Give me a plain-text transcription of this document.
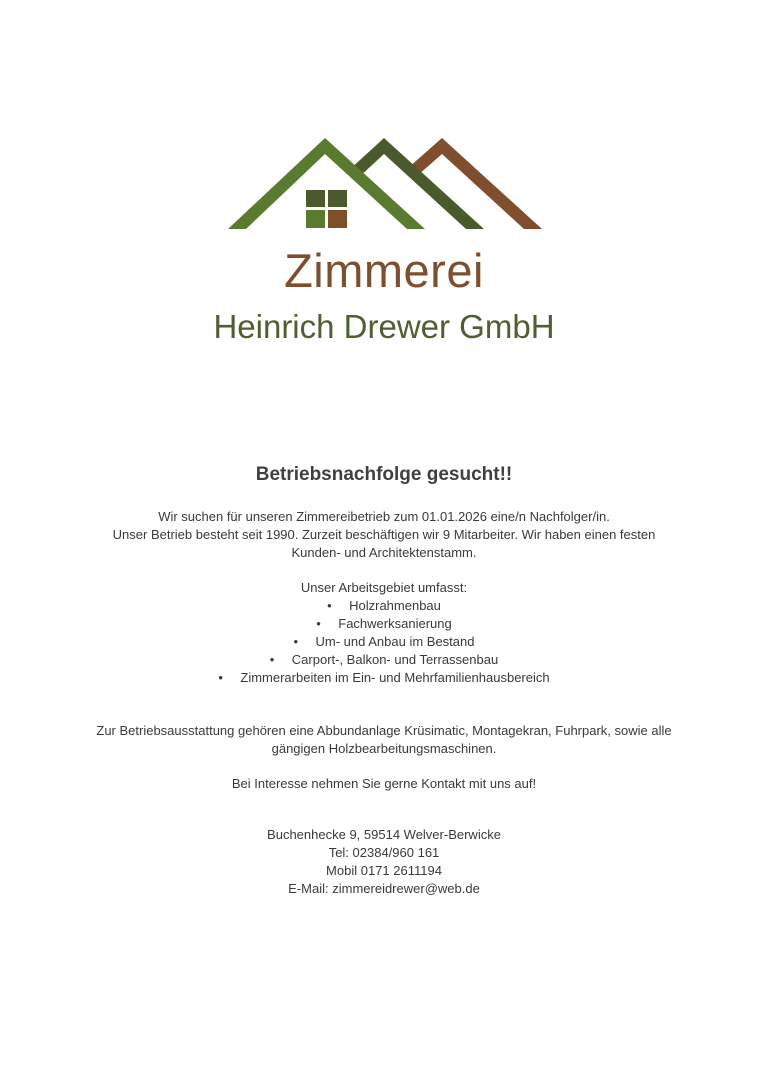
Zimmerei
Heinrich Drewer GmbH
Betriebsnachfolge gesucht!!

Wir suchen für unseren Zimmereibetrieb zum 01.01.2026 eine/n Nachfolger/in.

Unser Betrieb besteht seit 1990. Zurzeit beschäftigen wir 9 Mitarbeiter. Wir haben einen festen

Kunden- und Architektenstamm.

Unser Arbeitsgebiet umfasst:

• Holzrahmenbau
• Fachwerksanierung
• Um- und Anbau im Bestand
• Carport-, Balkon- und Terrassenbau
• Zimmerarbeiten im Ein- und Mehrfamilienhausbereich

Zur Betriebsausstattung gehören eine Abbundanlage Krüsimatic, Montagekran, Fuhrpark, sowie alle

gängigen Holzbearbeitungsmaschinen.

Bei Interesse nehmen Sie gerne Kontakt mit uns auf!

Buchenhecke 9, 59514 Welver-Berwicke

Tel: 02384/960 161

Mobil 0171 2611194

E-Mail: zimmereidrewer@web.de
